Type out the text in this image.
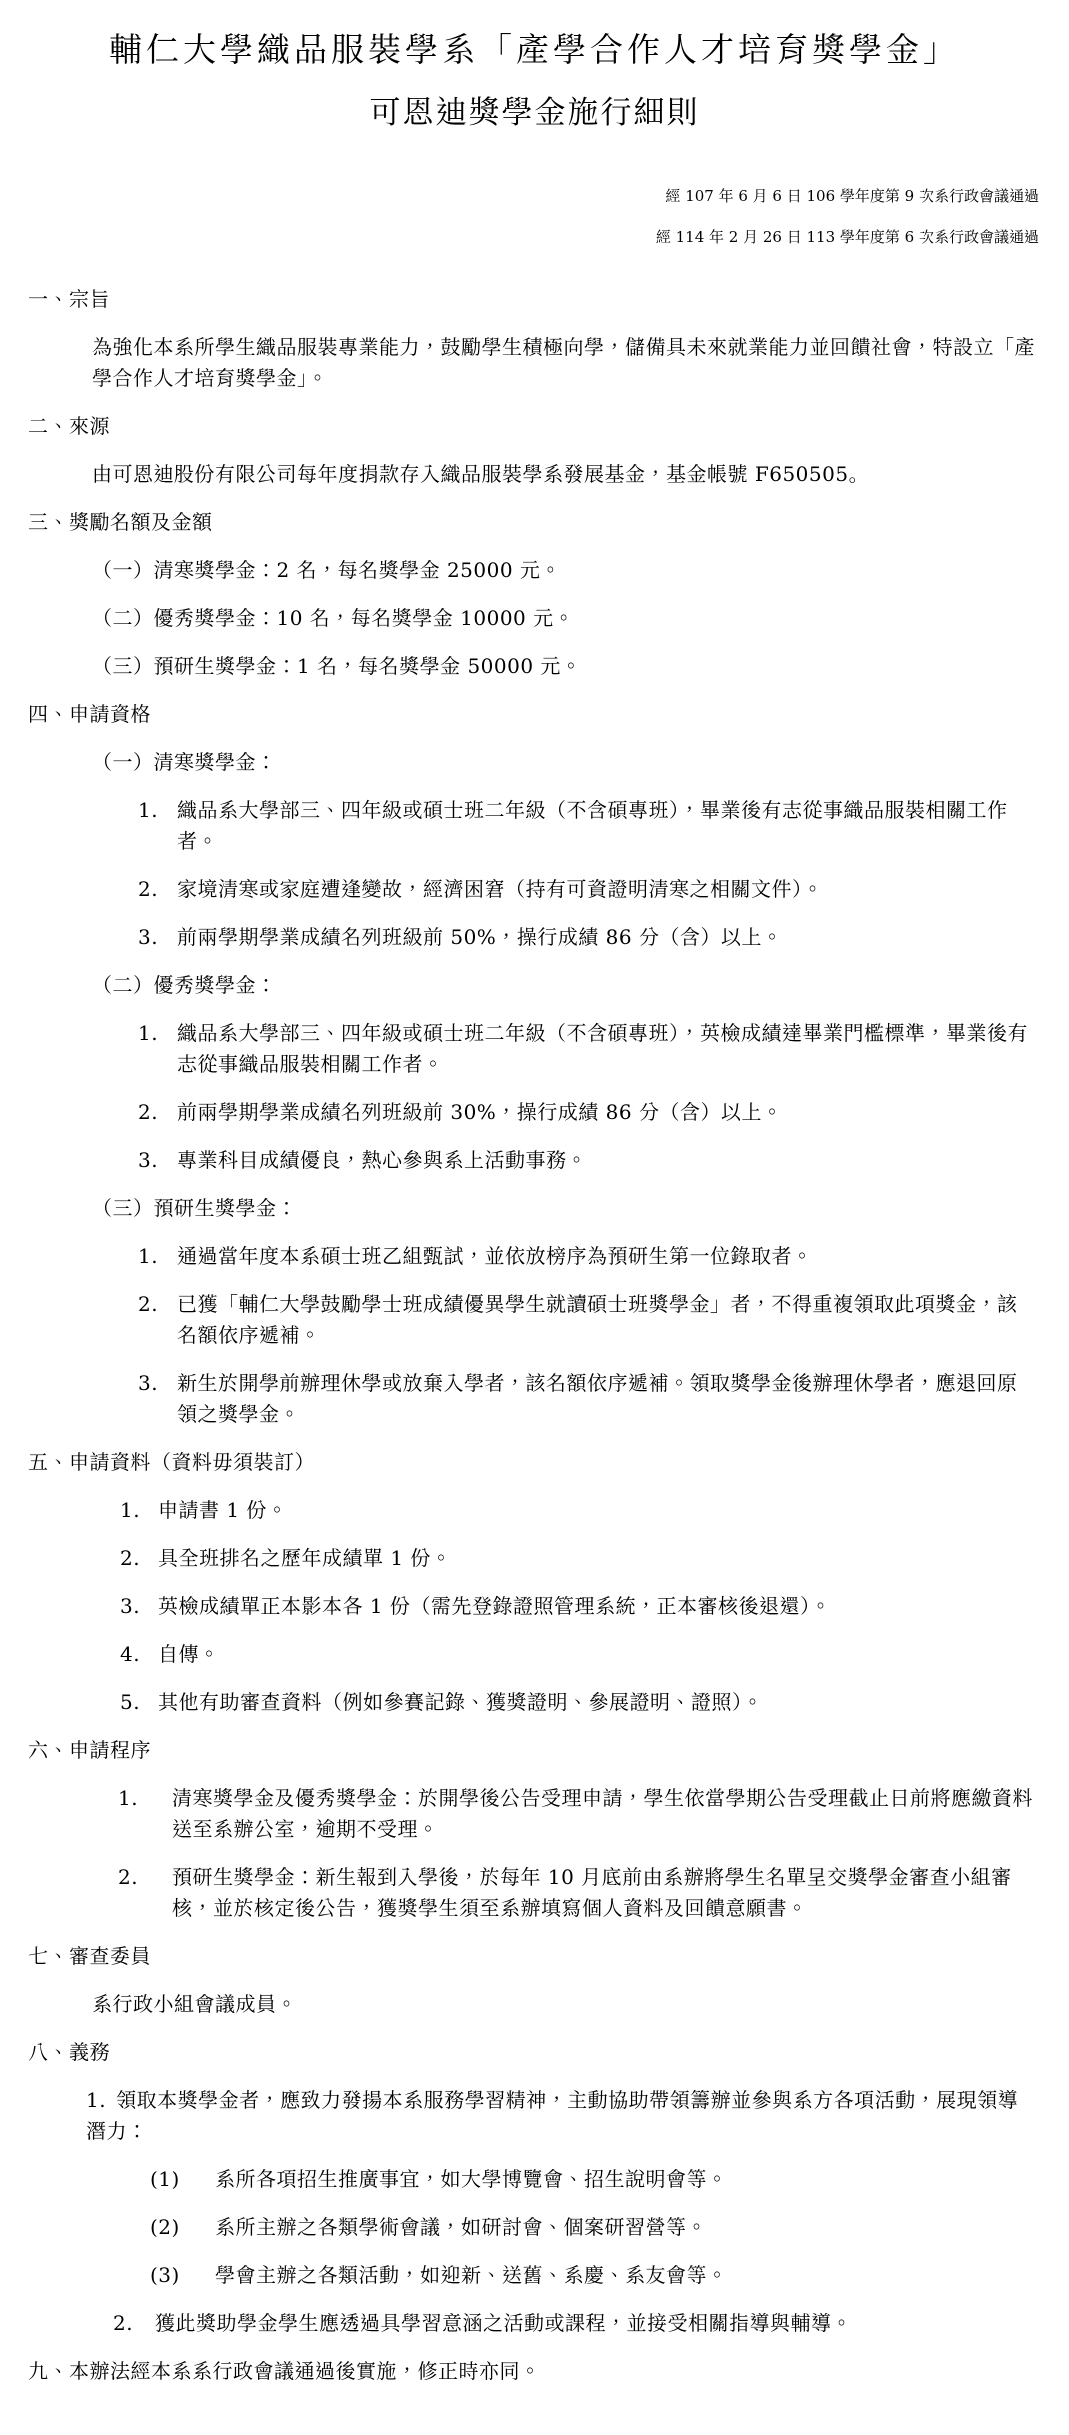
輔仁大學織品服裝學系「產學合作人才培育獎學金」
可恩迪獎學金施行細則
經 107 年 6 月 6 日 106 學年度第 9 次系行政會議通過
經 114 年 2 月 26 日 113 學年度第 6 次系行政會議通過
一、宗旨
為強化本系所學生織品服裝專業能力，鼓勵學生積極向學，儲備具未來就業能力並回饋社會，特設立「產學合作人才培育獎學金」。
二、來源
由可恩迪股份有限公司每年度捐款存入織品服裝學系發展基金，基金帳號 F650505。
三、獎勵名額及金額
（一）清寒獎學金：2 名，每名獎學金 25000 元。
（二）優秀獎學金：10 名，每名獎學金 10000 元。
（三）預研生獎學金：1 名，每名獎學金 50000 元。
四、申請資格
（一）清寒獎學金：
1. 織品系大學部三、四年級或碩士班二年級（不含碩專班），畢業後有志從事織品服裝相關工作者。
2. 家境清寒或家庭遭逢變故，經濟困窘（持有可資證明清寒之相關文件）。
3. 前兩學期學業成績名列班級前 50%，操行成績 86 分（含）以上。
（二）優秀獎學金：
1. 織品系大學部三、四年級或碩士班二年級（不含碩專班），英檢成績達畢業門檻標準，畢業後有志從事織品服裝相關工作者。
2. 前兩學期學業成績名列班級前 30%，操行成績 86 分（含）以上。
3. 專業科目成績優良，熱心參與系上活動事務。
（三）預研生獎學金：
1. 通過當年度本系碩士班乙組甄試，並依放榜序為預研生第一位錄取者。
2. 已獲「輔仁大學鼓勵學士班成績優異學生就讀碩士班獎學金」者，不得重複領取此項獎金，該名額依序遞補。
3. 新生於開學前辦理休學或放棄入學者，該名額依序遞補。領取獎學金後辦理休學者，應退回原領之獎學金。
五、申請資料（資料毋須裝訂）
1. 申請書 1 份。
2. 具全班排名之歷年成績單 1 份。
3. 英檢成績單正本影本各 1 份（需先登錄證照管理系統，正本審核後退還）。
4. 自傳。
5. 其他有助審查資料（例如參賽記錄、獲獎證明、參展證明、證照）。
六、申請程序
1.	清寒獎學金及優秀獎學金：於開學後公告受理申請，學生依當學期公告受理截止日前將應繳資料送至系辦公室，逾期不受理。
2.	預研生獎學金：新生報到入學後，於每年 10 月底前由系辦將學生名單呈交獎學金審查小組審核，並於核定後公告，獲獎學生須至系辦填寫個人資料及回饋意願書。
七、審查委員
系行政小組會議成員。
八、義務
1. 領取本獎學金者，應致力發揚本系服務學習精神，主動協助帶領籌辦並參與系方各項活動，展現領導潛力：
(1)	系所各項招生推廣事宜，如大學博覽會、招生說明會等。
(2)	系所主辦之各類學術會議，如研討會、個案研習營等。
(3)	學會主辦之各類活動，如迎新、送舊、系慶、系友會等。
2.	獲此獎助學金學生應透過具學習意涵之活動或課程，並接受相關指導與輔導。
九、本辦法經本系系行政會議通過後實施，修正時亦同。
